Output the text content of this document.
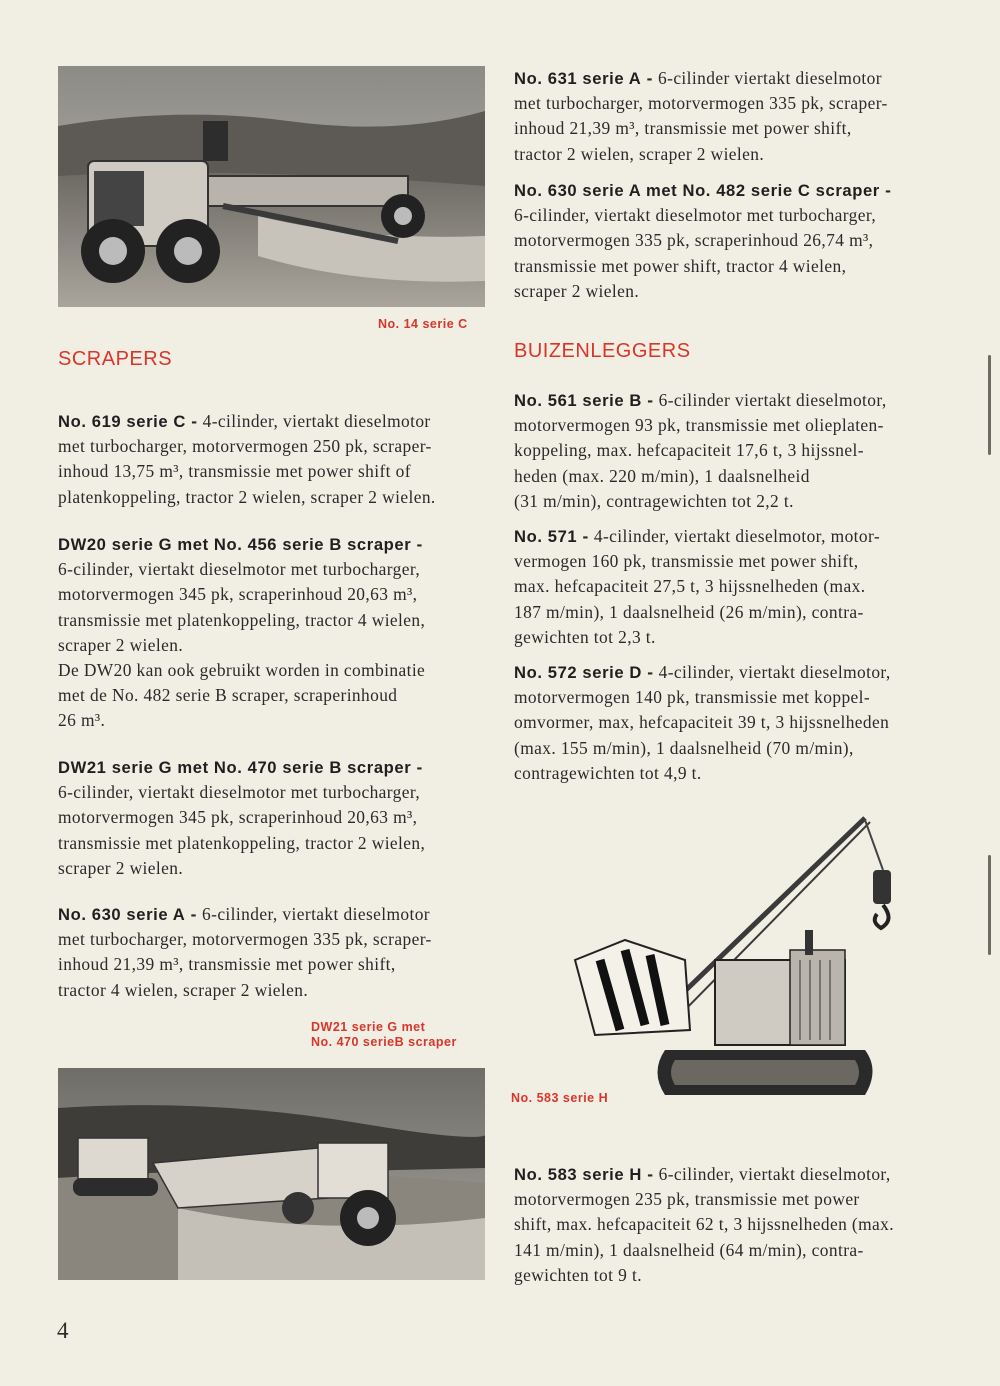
No. 14 serie C
SCRAPERS
No. 619 serie C - 4-cilinder, viertakt dieselmotor
met turbocharger, motorvermogen 250 pk, scraper-
inhoud 13,75 m³, transmissie met power shift of
platenkoppeling, tractor 2 wielen, scraper 2 wielen.
DW20 serie G met No. 456 serie B scraper -
6-cilinder, viertakt dieselmotor met turbocharger,
motorvermogen 345 pk, scraperinhoud 20,63 m³,
transmissie met platenkoppeling, tractor 4 wielen,
scraper 2 wielen.
De DW20 kan ook gebruikt worden in combinatie
met de No. 482 serie B scraper, scraperinhoud
26 m³.
DW21 serie G met No. 470 serie B scraper -
6-cilinder, viertakt dieselmotor met turbocharger,
motorvermogen 345 pk, scraperinhoud 20,63 m³,
transmissie met platenkoppeling, tractor 2 wielen,
scraper 2 wielen.
No. 630 serie A - 6-cilinder, viertakt dieselmotor
met turbocharger, motorvermogen 335 pk, scraper-
inhoud 21,39 m³, transmissie met power shift,
tractor 4 wielen, scraper 2 wielen.
DW21 serie G met
No. 470 serieB scraper
No. 631 serie A - 6-cilinder viertakt dieselmotor
met turbocharger, motorvermogen 335 pk, scraper-
inhoud 21,39 m³, transmissie met power shift,
tractor 2 wielen, scraper 2 wielen.
No. 630 serie A met No. 482 serie C scraper -
6-cilinder, viertakt dieselmotor met turbocharger,
motorvermogen 335 pk, scraperinhoud 26,74 m³,
transmissie met power shift, tractor 4 wielen,
scraper 2 wielen.
BUIZENLEGGERS
No. 561 serie B - 6-cilinder viertakt dieselmotor,
motorvermogen 93 pk, transmissie met olieplaten-
koppeling, max. hefcapaciteit 17,6 t, 3 hijssnel-
heden (max. 220 m/min), 1 daalsnelheid
(31 m/min), contragewichten tot 2,2 t.
No. 571 - 4-cilinder, viertakt dieselmotor, motor-
vermogen 160 pk, transmissie met power shift,
max. hefcapaciteit 27,5 t, 3 hijssnelheden (max.
187 m/min), 1 daalsnelheid (26 m/min), contra-
gewichten tot 2,3 t.
No. 572 serie D - 4-cilinder, viertakt dieselmotor,
motorvermogen 140 pk, transmissie met koppel-
omvormer, max, hefcapaciteit 39 t, 3 hijssnelheden
(max. 155 m/min), 1 daalsnelheid (70 m/min),
contragewichten tot 4,9 t.
No. 583 serie H
No. 583 serie H - 6-cilinder, viertakt dieselmotor,
motorvermogen 235 pk, transmissie met power
shift, max. hefcapaciteit 62 t, 3 hijssnelheden (max.
141 m/min), 1 daalsnelheid (64 m/min), contra-
gewichten tot 9 t.
4
